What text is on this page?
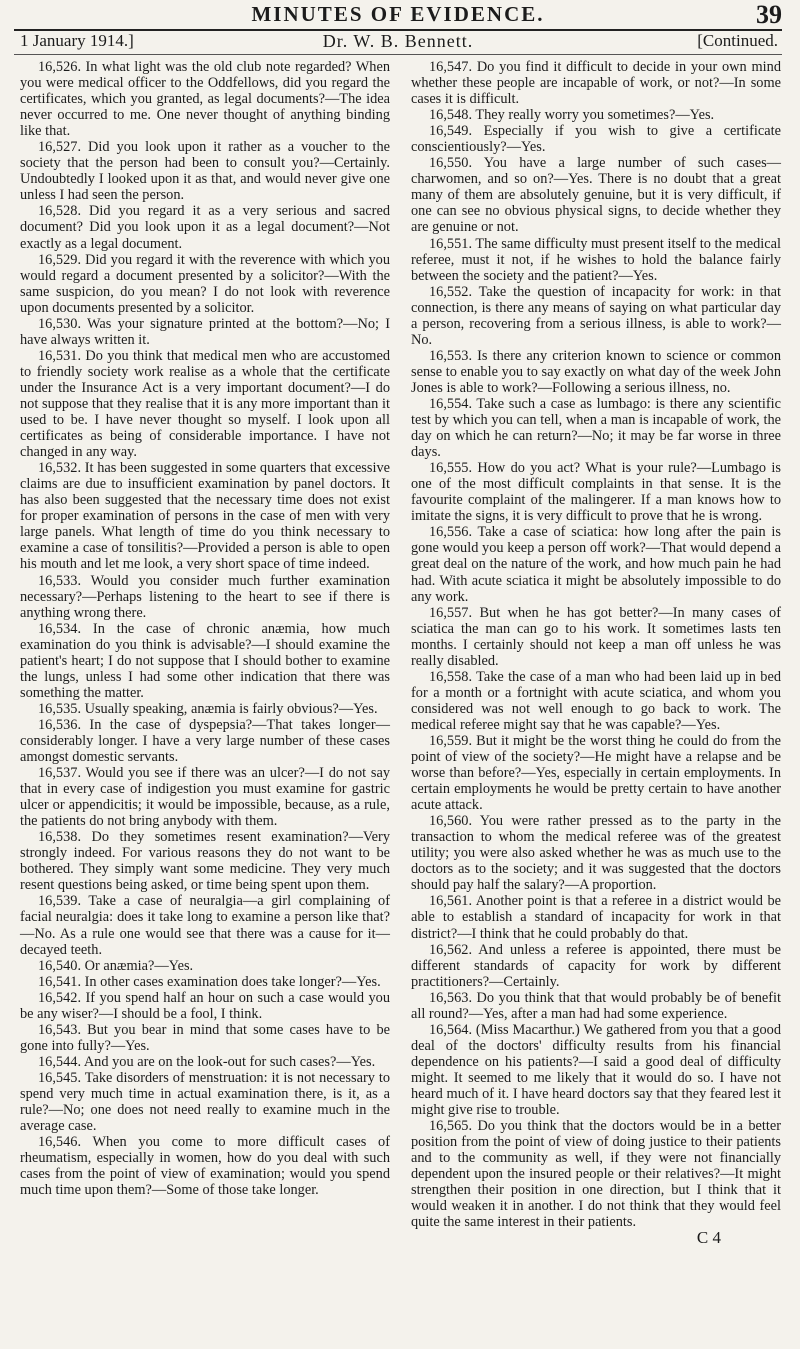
MINUTES OF EVIDENCE.	39
1 January 1914.]	Dr. W. B. Bennett.	[Continued.

16,526. In what light was the old club note regarded? When you were medical officer to the Oddfellows, did you regard the certificates, which you granted, as legal documents?—The idea never occurred to me. One never thought of anything binding like that.

16,527. Did you look upon it rather as a voucher to the society that the person had been to consult you?—Certainly. Undoubtedly I looked upon it as that, and would never give one unless I had seen the person.

16,528. Did you regard it as a very serious and sacred document? Did you look upon it as a legal document?—Not exactly as a legal document.

16,529. Did you regard it with the reverence with which you would regard a document presented by a solicitor?—With the same suspicion, do you mean? I do not look with reverence upon documents presented by a solicitor.

16,530. Was your signature printed at the bottom?—No; I have always written it.

16,531. Do you think that medical men who are accustomed to friendly society work realise as a whole that the certificate under the Insurance Act is a very important document?—I do not suppose that they realise that it is any more important than it used to be. I have never thought so myself. I look upon all certificates as being of considerable importance. I have not changed in any way.

16,532. It has been suggested in some quarters that excessive claims are due to insufficient examination by panel doctors. It has also been suggested that the necessary time does not exist for proper examination of persons in the case of men with very large panels. What length of time do you think necessary to examine a case of tonsilitis?—Provided a person is able to open his mouth and let me look, a very short space of time indeed.

16,533. Would you consider much further examination necessary?—Perhaps listening to the heart to see if there is anything wrong there.

16,534. In the case of chronic anæmia, how much examination do you think is advisable?—I should examine the patient's heart; I do not suppose that I should bother to examine the lungs, unless I had some other indication that there was something the matter.

16,535. Usually speaking, anæmia is fairly obvious?—Yes.

16,536. In the case of dyspepsia?—That takes longer—considerably longer. I have a very large number of these cases amongst domestic servants.

16,537. Would you see if there was an ulcer?—I do not say that in every case of indigestion you must examine for gastric ulcer or appendicitis; it would be impossible, because, as a rule, the patients do not bring anybody with them.

16,538. Do they sometimes resent examination?—Very strongly indeed. For various reasons they do not want to be bothered. They simply want some medicine. They very much resent questions being asked, or time being spent upon them.

16,539. Take a case of neuralgia—a girl complaining of facial neuralgia: does it take long to examine a person like that?—No. As a rule one would see that there was a cause for it—decayed teeth.

16,540. Or anæmia?—Yes.

16,541. In other cases examination does take longer?—Yes.

16,542. If you spend half an hour on such a case would you be any wiser?—I should be a fool, I think.

16,543. But you bear in mind that some cases have to be gone into fully?—Yes.

16,544. And you are on the look-out for such cases?—Yes.

16,545. Take disorders of menstruation: it is not necessary to spend very much time in actual examination there, is it, as a rule?—No; one does not need really to examine much in the average case.

16,546. When you come to more difficult cases of rheumatism, especially in women, how do you deal with such cases from the point of view of examination; would you spend much time upon them?—Some of those take longer.

16,547. Do you find it difficult to decide in your own mind whether these people are incapable of work, or not?—In some cases it is difficult.

16,548. They really worry you sometimes?—Yes.

16,549. Especially if you wish to give a certificate conscientiously?—Yes.

16,550. You have a large number of such cases—charwomen, and so on?—Yes. There is no doubt that a great many of them are absolutely genuine, but it is very difficult, if one can see no obvious physical signs, to decide whether they are genuine or not.

16,551. The same difficulty must present itself to the medical referee, must it not, if he wishes to hold the balance fairly between the society and the patient?—Yes.

16,552. Take the question of incapacity for work: in that connection, is there any means of saying on what particular day a person, recovering from a serious illness, is able to work?—No.

16,553. Is there any criterion known to science or common sense to enable you to say exactly on what day of the week John Jones is able to work?—Following a serious illness, no.

16,554. Take such a case as lumbago: is there any scientific test by which you can tell, when a man is incapable of work, the day on which he can return?—No; it may be far worse in three days.

16,555. How do you act? What is your rule?—Lumbago is one of the most difficult complaints in that sense. It is the favourite complaint of the malingerer. If a man knows how to imitate the signs, it is very difficult to prove that he is wrong.

16,556. Take a case of sciatica: how long after the pain is gone would you keep a person off work?—That would depend a great deal on the nature of the work, and how much pain he had had. With acute sciatica it might be absolutely impossible to do any work.

16,557. But when he has got better?—In many cases of sciatica the man can go to his work. It sometimes lasts ten months. I certainly should not keep a man off unless he was really disabled.

16,558. Take the case of a man who had been laid up in bed for a month or a fortnight with acute sciatica, and whom you considered was not well enough to go back to work. The medical referee might say that he was capable?—Yes.

16,559. But it might be the worst thing he could do from the point of view of the society?—He might have a relapse and be worse than before?—Yes, especially in certain employments. In certain employments he would be pretty certain to have another acute attack.

16,560. You were rather pressed as to the party in the transaction to whom the medical referee was of the greatest utility; you were also asked whether he was as much use to the doctors as to the society; and it was suggested that the doctors should pay half the salary?—A proportion.

16,561. Another point is that a referee in a district would be able to establish a standard of incapacity for work in that district?—I think that he could probably do that.

16,562. And unless a referee is appointed, there must be different standards of capacity for work by different practitioners?—Certainly.

16,563. Do you think that that would probably be of benefit all round?—Yes, after a man had had some experience.

16,564. (Miss Macarthur.) We gathered from you that a good deal of the doctors' difficulty results from his financial dependence on his patients?—I said a good deal of difficulty might. It seemed to me likely that it would do so. I have not heard much of it. I have heard doctors say that they feared lest it might give rise to trouble.

16,565. Do you think that the doctors would be in a better position from the point of view of doing justice to their patients and to the community as well, if they were not financially dependent upon the insured people or their relatives?—It might strengthen their position in one direction, but I think that it would weaken it in another. I do not think that they would feel quite the same interest in their patients.

C 4
